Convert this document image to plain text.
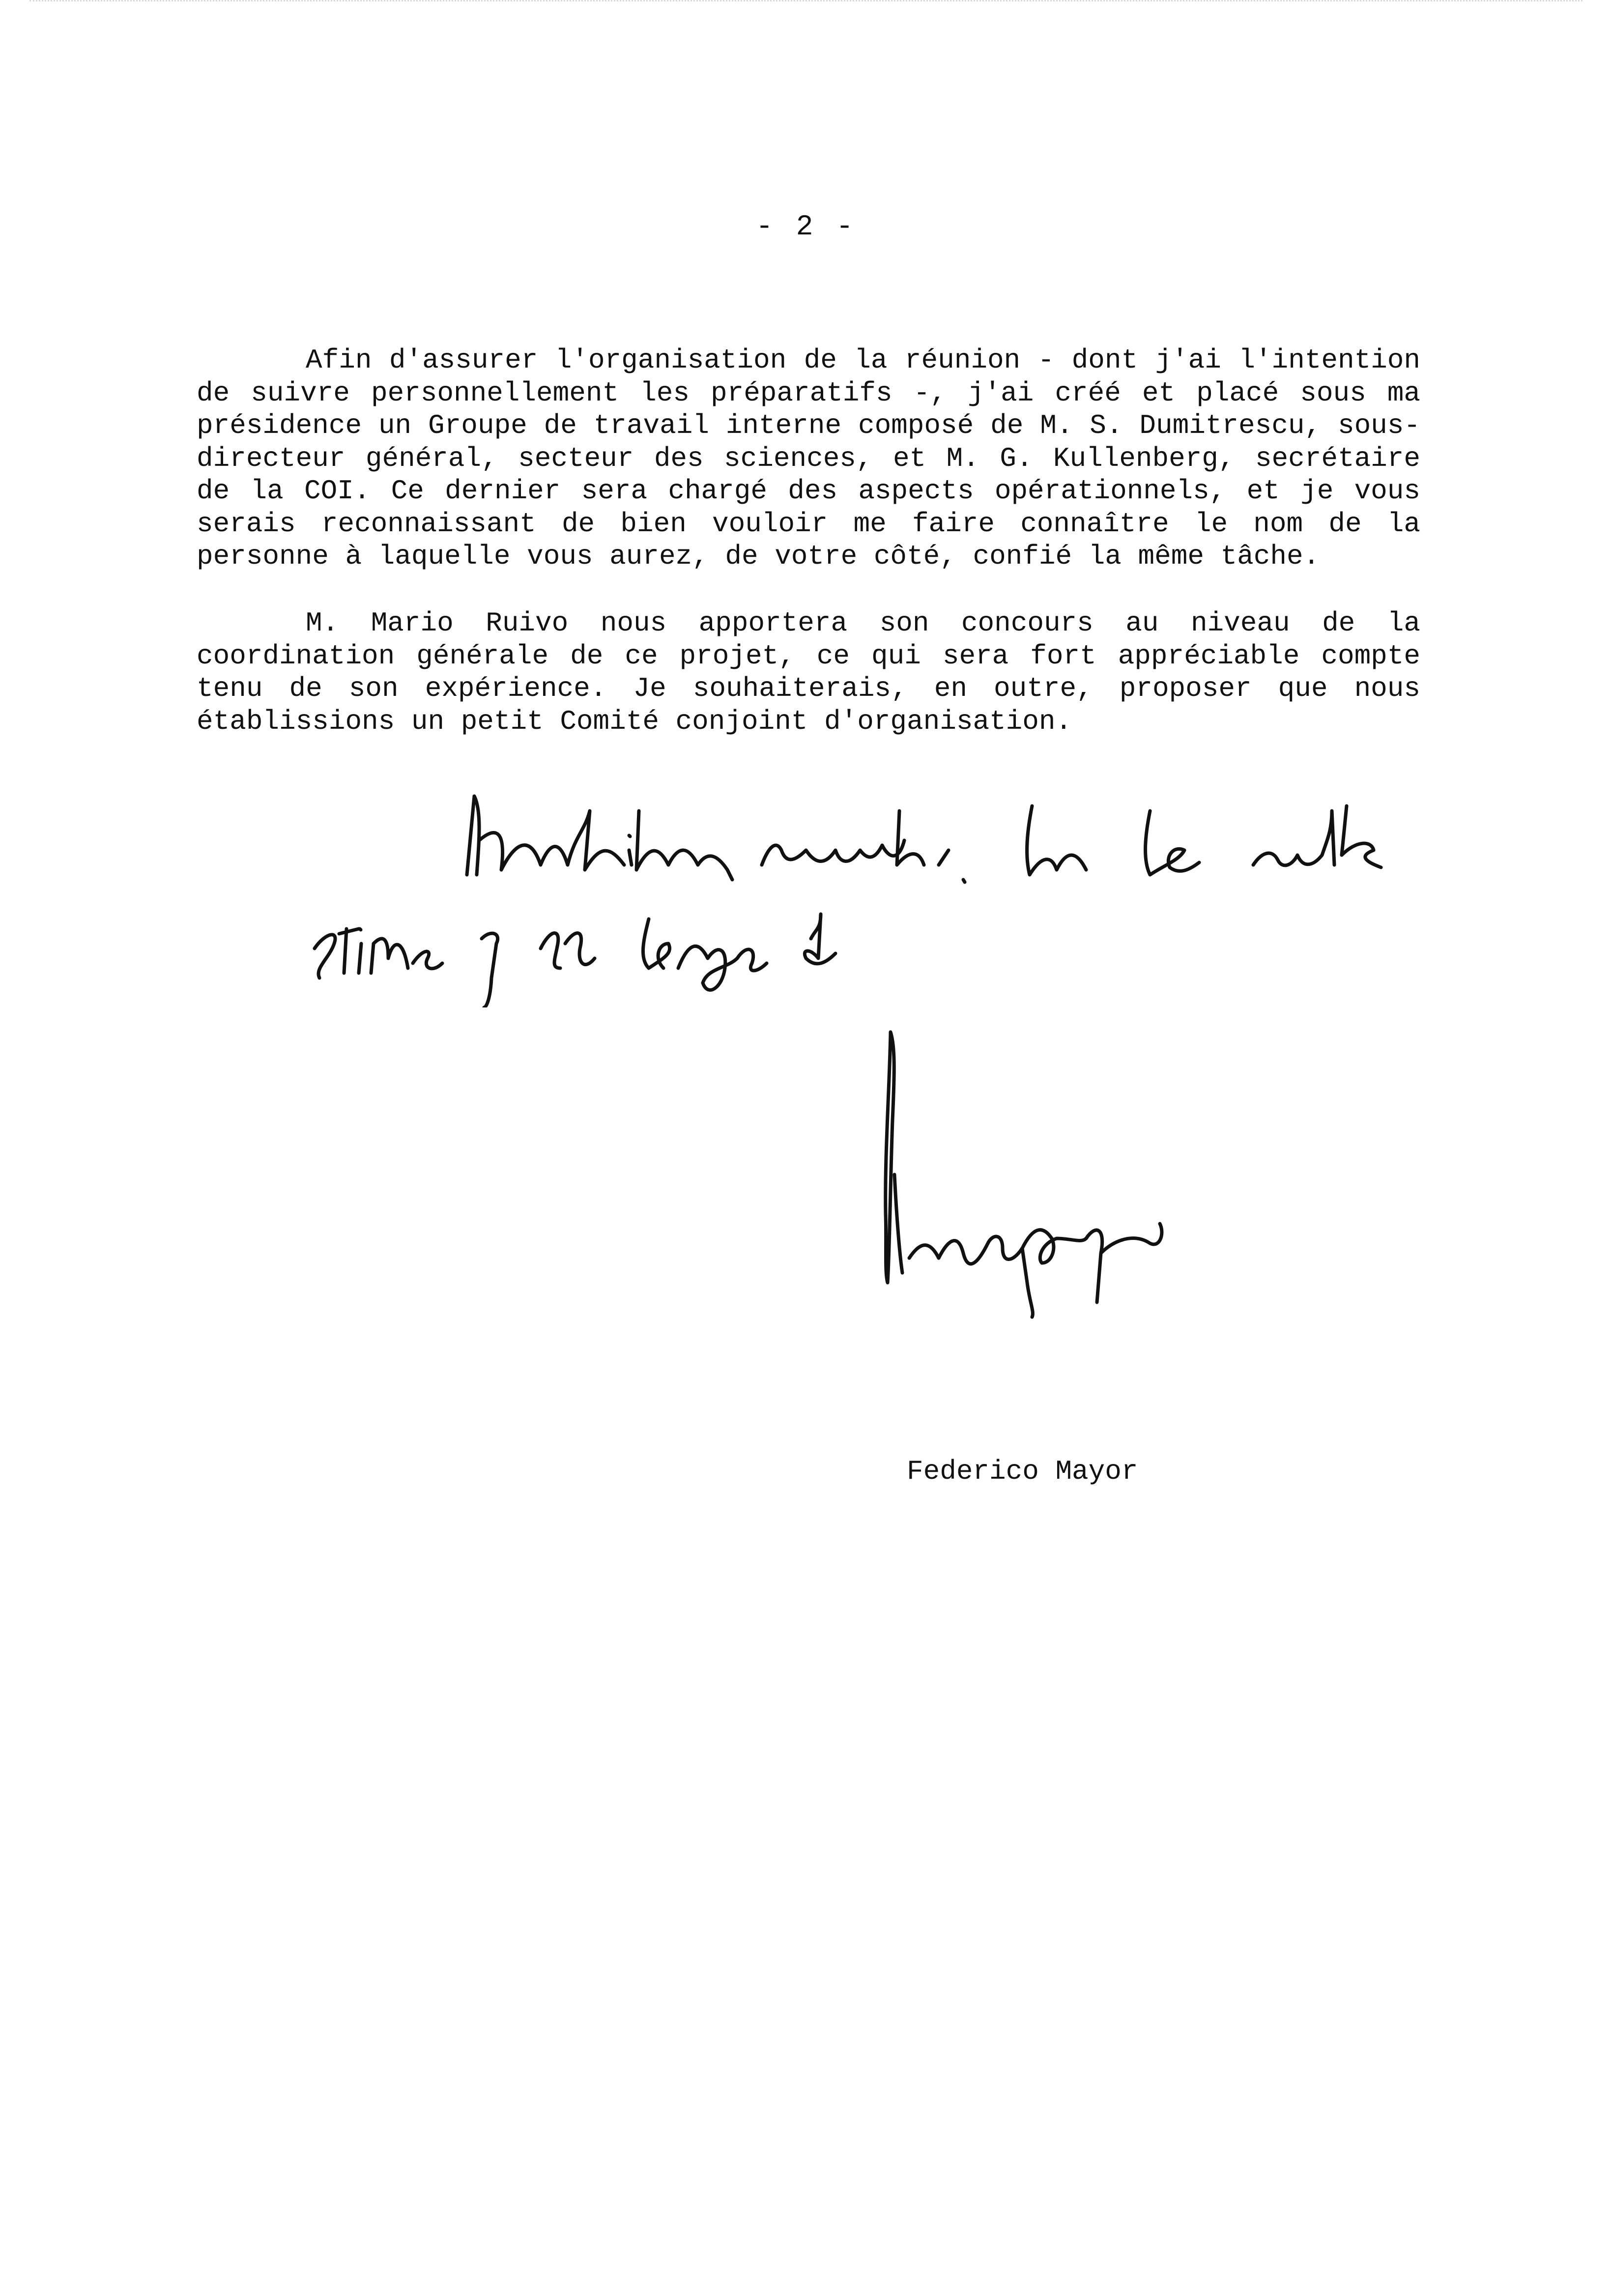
- 2 -

Afin d'assurer l'organisation de la réunion - dont j'ai l'intention de suivre personnellement les préparatifs -, j'ai créé et placé sous ma présidence un Groupe de travail interne composé de M. S. Dumitrescu, sous-directeur général, secteur des sciences, et M. G. Kullenberg, secrétaire de la COI. Ce dernier sera chargé des aspects opérationnels, et je vous serais reconnaissant de bien vouloir me faire connaître le nom de la personne à laquelle vous aurez, de votre côté, confié la même tâche.

M. Mario Ruivo nous apportera son concours au niveau de la coordination générale de ce projet, ce qui sera fort appréciable compte tenu de son expérience. Je souhaiterais, en outre, proposer que nous établissions un petit Comité conjoint d'organisation.

Federico Mayor
